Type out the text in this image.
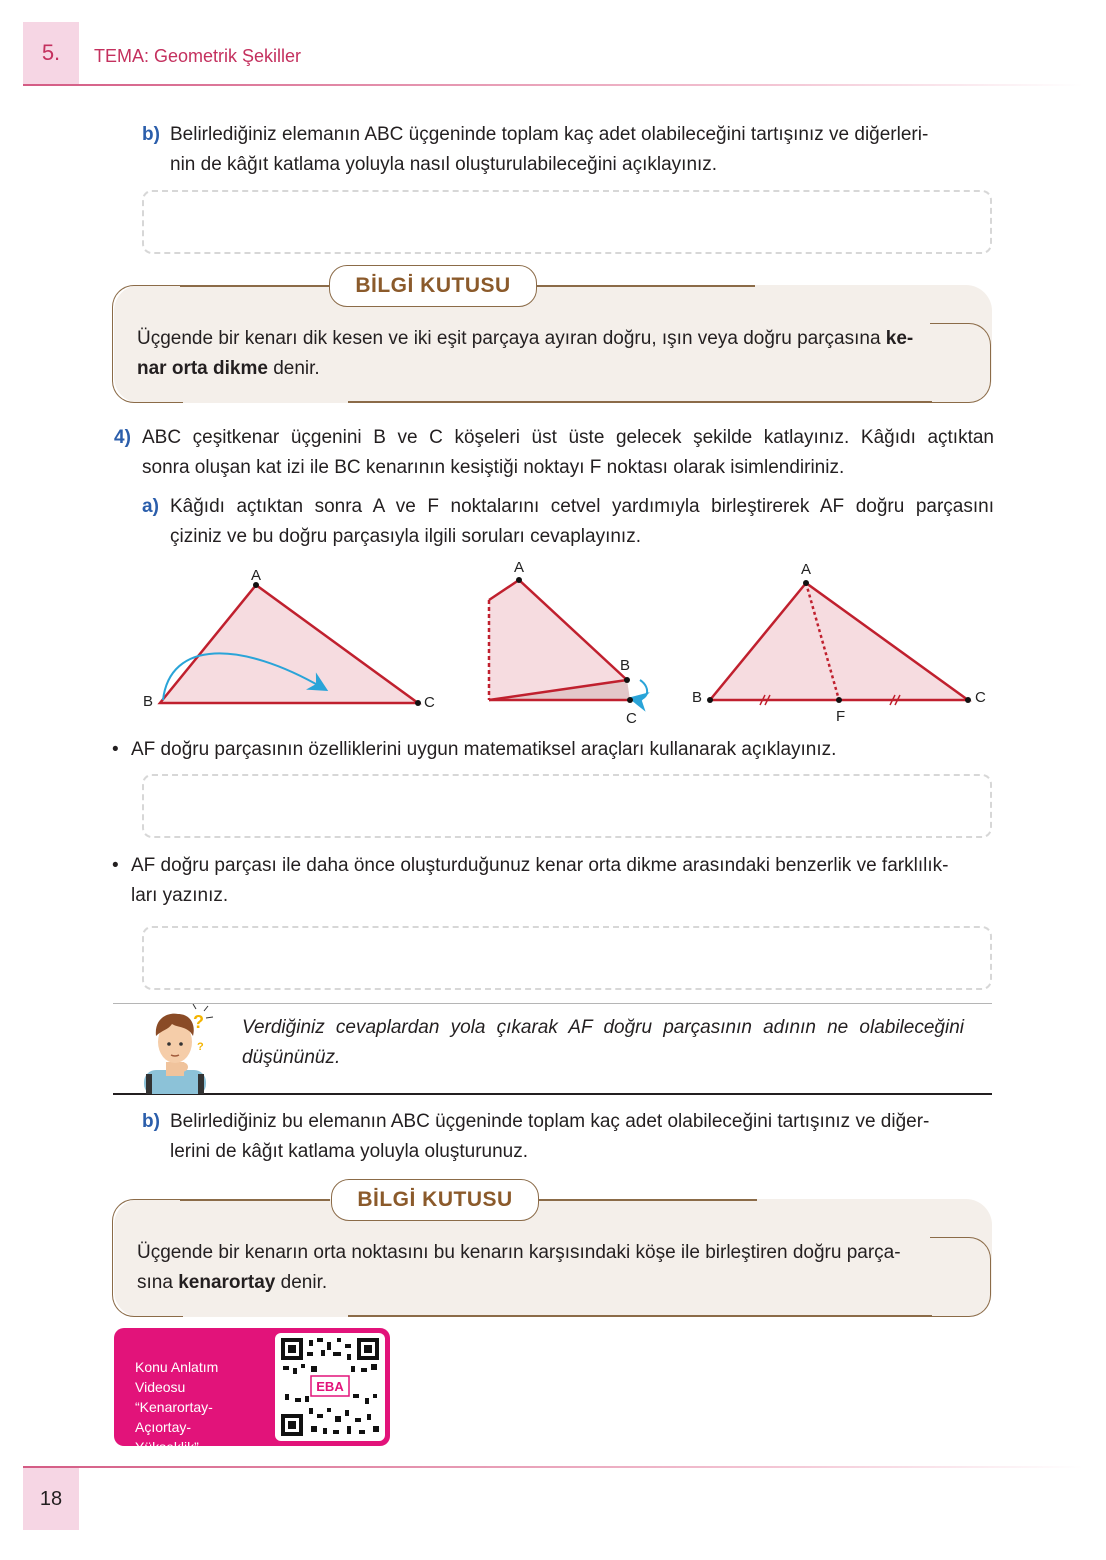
5. TEMA: Geometrik Şekiller
b) Belirlediğiniz elemanın ABC üçgeninde toplam kaç adet olabileceğini tartışınız ve diğerleri-
nin de kâğıt katlama yoluyla nasıl oluşturulabileceğini açıklayınız.
BİLGİ KUTUSU
Üçgende bir kenarı dik kesen ve iki eşit parçaya ayıran doğru, ışın veya doğru parçasına ke-
nar orta dikme denir.
4) ABC çeşitkenar üçgenini B ve C köşeleri üst üste gelecek şekilde katlayınız. Kâğıdı açtıktan
sonra oluşan kat izi ile BC kenarının kesiştiği noktayı F noktası olarak isimlendiriniz.
a) Kâğıdı açtıktan sonra A ve F noktalarını cetvel yardımıyla birleştirerek AF doğru parçasını
çiziniz ve bu doğru parçasıyla ilgili soruları cevaplayınız.
A
B	C
A
B
C
A
B	C
F
• AF doğru parçasının özelliklerini uygun matematiksel araçları kullanarak açıklayınız.
• AF doğru parçası ile daha önce oluşturduğunuz kenar orta dikme arasındaki benzerlik ve farklılık-
ları yazınız.
?
?
Verdiğiniz cevaplardan yola çıkarak AF doğru parçasının adının ne olabileceğini
düşününüz.
b) Belirlediğiniz bu elemanın ABC üçgeninde toplam kaç adet olabileceğini tartışınız ve diğer-
lerini de kâğıt katlama yoluyla oluşturunuz.
BİLGİ KUTUSU
Üçgende bir kenarın orta noktasını bu kenarın karşısındaki köşe ile birleştiren doğru parça-
sına kenarortay denir.
Konu Anlatım Videosu
“Kenarortay-Açıortay-
Yükseklik”
EBA
18
